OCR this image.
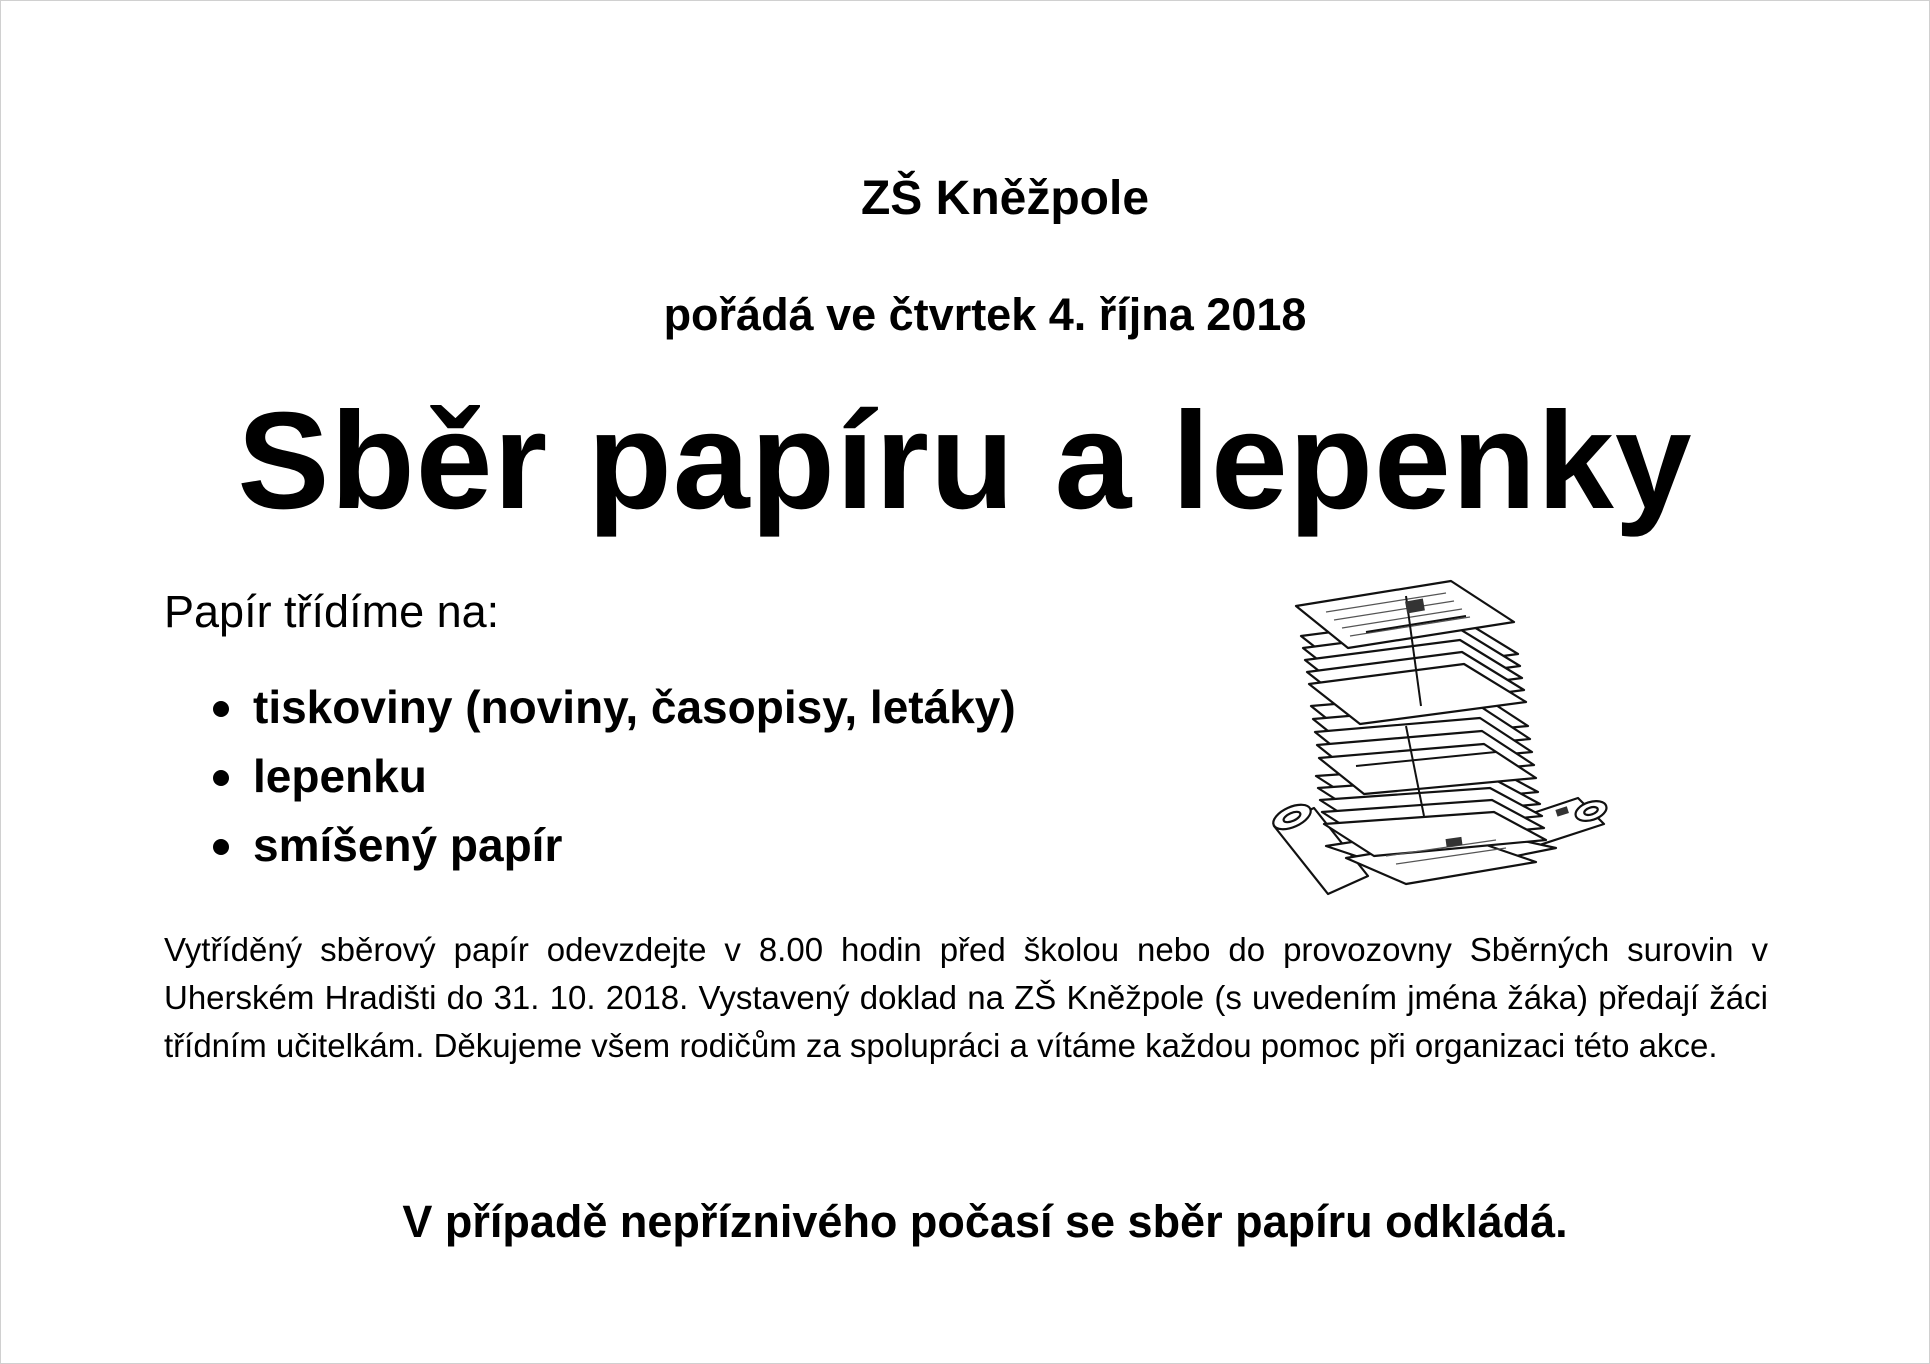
ZŠ Kněžpole
pořádá ve čtvrtek 4. října 2018
Sběr papíru a lepenky
Papír třídíme na:
tiskoviny (noviny, časopisy, letáky)
lepenku
smíšený papír
Vytříděný sběrový papír odevzdejte v 8.00 hodin před školou nebo do provozovny Sběrných surovin v Uherském Hradišti do 31. 10. 2018. Vystavený doklad na ZŠ Kněžpole (s uvedením jména žáka) předají žáci třídním učitelkám. Děkujeme všem rodičům za spolupráci a vítáme každou pomoc při organizaci této akce.
V případě nepříznivého počasí se sběr papíru odkládá.
